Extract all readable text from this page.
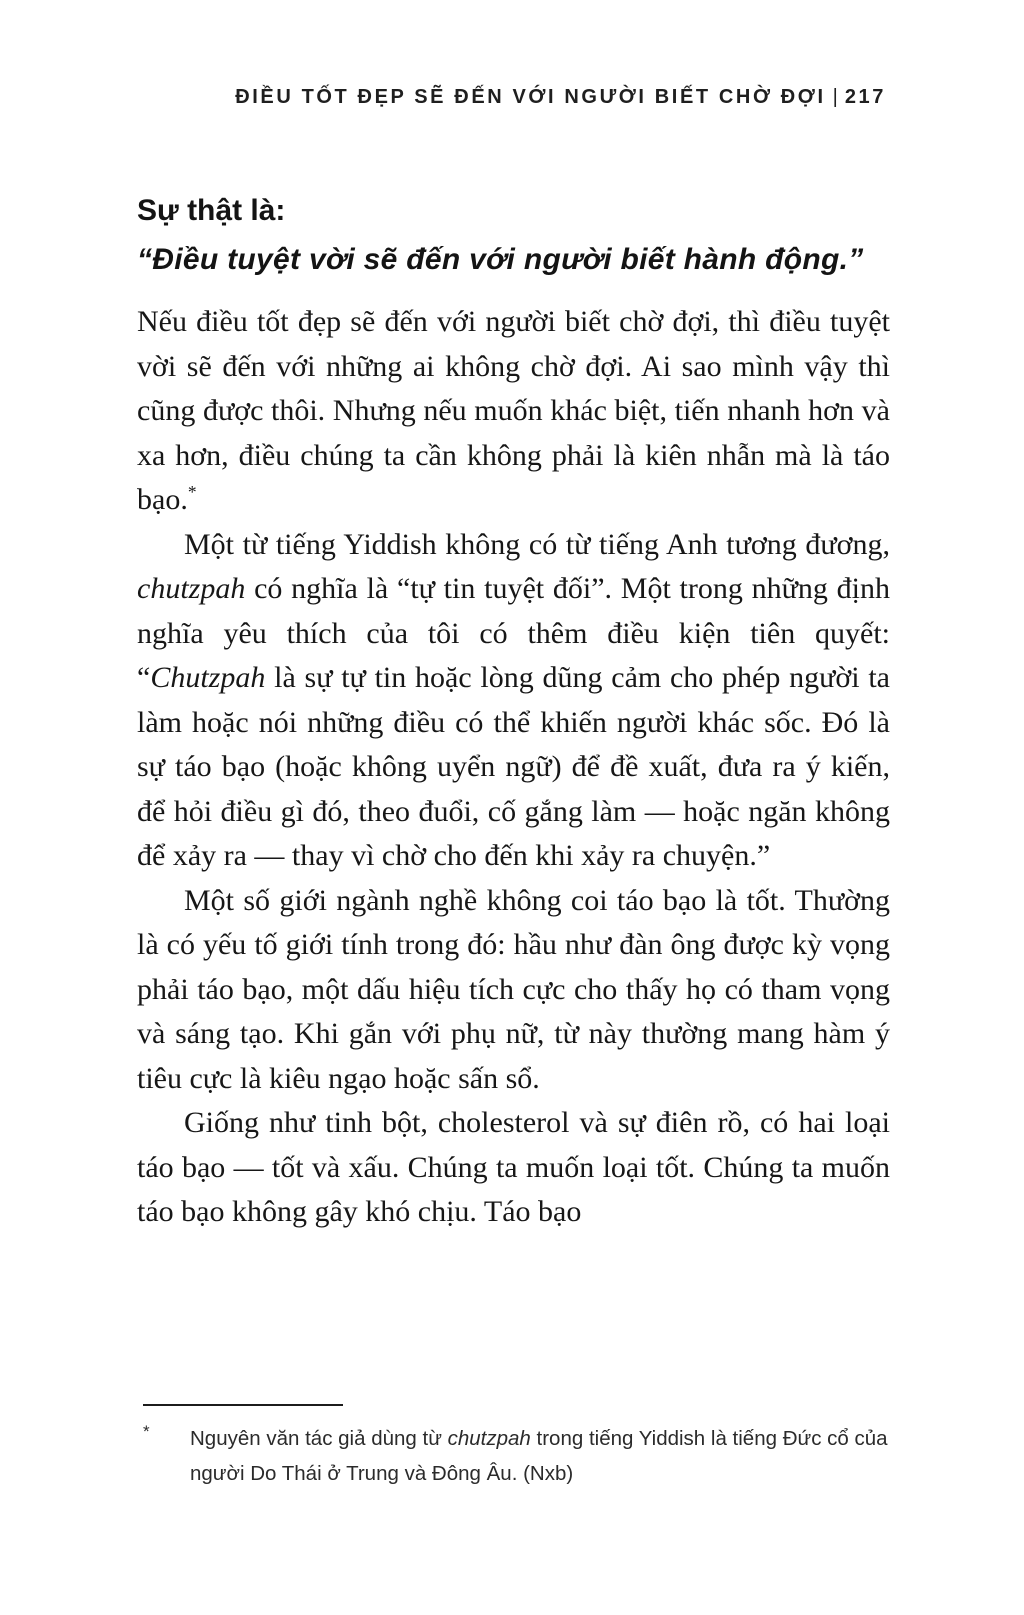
ĐIỀU TỐT ĐẸP SẼ ĐẾN VỚI NGƯỜI BIẾT CHỜ ĐỢI | 217
Sự thật là:
“Điều tuyệt vời sẽ đến với người biết hành động.”

Nếu điều tốt đẹp sẽ đến với người biết chờ đợi, thì điều tuyệt vời sẽ đến với những ai không chờ đợi. Ai sao mình vậy thì cũng được thôi. Nhưng nếu muốn khác biệt, tiến nhanh hơn và xa hơn, điều chúng ta cần không phải là kiên nhẫn mà là táo bạo.*

Một từ tiếng Yiddish không có từ tiếng Anh tương đương, chutzpah có nghĩa là “tự tin tuyệt đối”. Một trong những định nghĩa yêu thích của tôi có thêm điều kiện tiên quyết: “Chutzpah là sự tự tin hoặc lòng dũng cảm cho phép người ta làm hoặc nói những điều có thể khiến người khác sốc. Đó là sự táo bạo (hoặc không uyển ngữ) để đề xuất, đưa ra ý kiến, để hỏi điều gì đó, theo đuổi, cố gắng làm — hoặc ngăn không để xảy ra — thay vì chờ cho đến khi xảy ra chuyện.”

Một số giới ngành nghề không coi táo bạo là tốt. Thường là có yếu tố giới tính trong đó: hầu như đàn ông được kỳ vọng phải táo bạo, một dấu hiệu tích cực cho thấy họ có tham vọng và sáng tạo. Khi gắn với phụ nữ, từ này thường mang hàm ý tiêu cực là kiêu ngạo hoặc sấn sổ.

Giống như tinh bột, cholesterol và sự điên rồ, có hai loại táo bạo — tốt và xấu. Chúng ta muốn loại tốt. Chúng ta muốn táo bạo không gây khó chịu. Táo bạo

*	Nguyên văn tác giả dùng từ chutzpah trong tiếng Yiddish là tiếng Đức cổ của người Do Thái ở Trung và Đông Âu. (Nxb)
